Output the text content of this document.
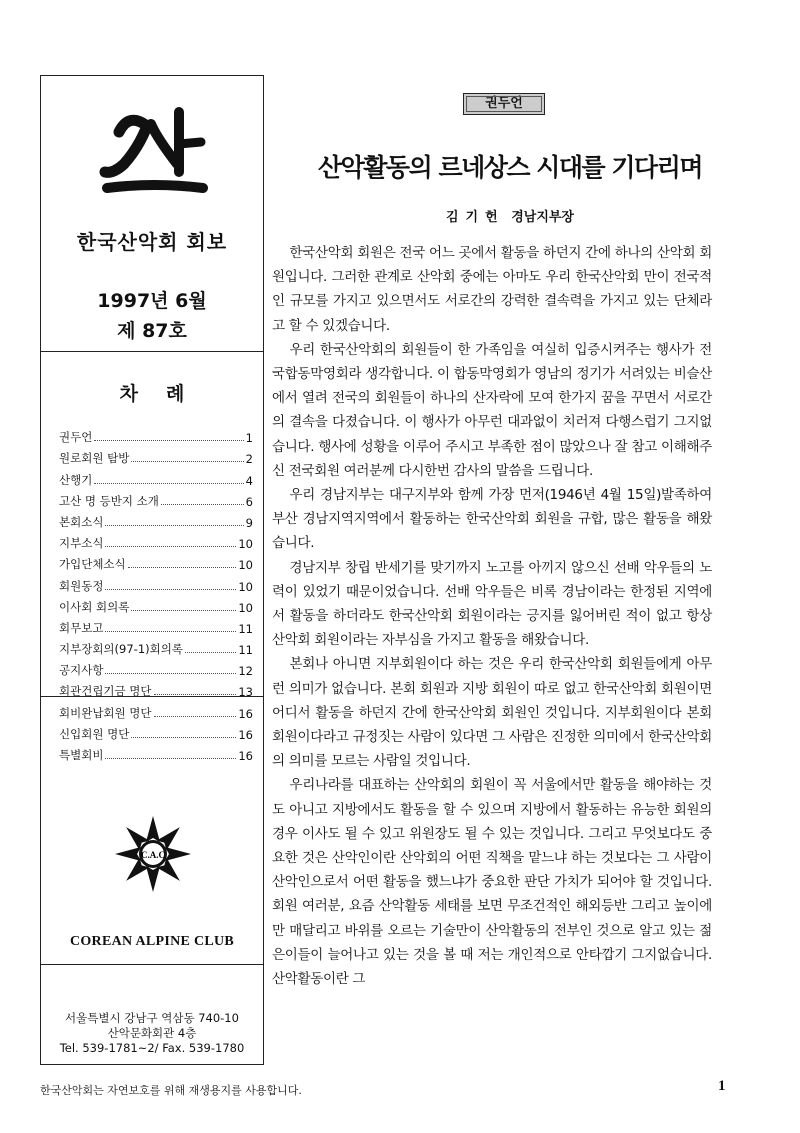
한국산악회 회보
1997년 6월
제 87호
차례
권두언	1
원로회원 탐방	2
산행기	4
고산 명 등반지 소개	6
본회소식	9
지부소식	10
가입단체소식	10
회원동정	10
이사회 회의록	10
회무보고	11
지부장회의(97-1)회의록	11
공지사항	12
회관건립기금 명단	13
회비완납회원 명단	16
신입회원 명단	16
특별회비	16
C.A.C
COREAN ALPINE CLUB
서울특별시 강남구 역삼동 740-10
산악문화회관 4층
Tel. 539-1781~2/ Fax. 539-1780
권두언
산악활동의 르네상스 시대를 기다리며
김기헌 경남지부장

한국산악회 회원은 전국 어느 곳에서 활동을 하던지 간에 하나의 산악회 회원입니다. 그러한 관계로 산악회 중에는 아마도 우리 한국산악회 만이 전국적인 규모를 가지고 있으면서도 서로간의 강력한 결속력을 가지고 있는 단체라고 할 수 있겠습니다.

우리 한국산악회의 회원들이 한 가족임을 여실히 입증시켜주는 행사가 전국합동막영회라 생각합니다. 이 합동막영회가 영남의 정기가 서려있는 비슬산에서 열려 전국의 회원들이 하나의 산자락에 모여 한가지 꿈을 꾸면서 서로간의 결속을 다졌습니다. 이 행사가 아무런 대과없이 치러져 다행스럽기 그지없습니다. 행사에 성황을 이루어 주시고 부족한 점이 많았으나 잘 참고 이해해주신 전국회원 여러분께 다시한번 감사의 말씀을 드립니다.

우리 경남지부는 대구지부와 함께 가장 먼저(1946년 4월 15일)발족하여 부산 경남지역지역에서 활동하는 한국산악회 회원을 규합, 많은 활동을 해왔습니다.

경남지부 창립 반세기를 맞기까지 노고를 아끼지 않으신 선배 악우들의 노력이 있었기 때문이었습니다. 선배 악우들은 비록 경남이라는 한정된 지역에서 활동을 하더라도 한국산악회 회원이라는 긍지를 잃어버린 적이 없고 항상 산악회 회원이라는 자부심을 가지고 활동을 해왔습니다.

본회나 아니면 지부회원이다 하는 것은 우리 한국산악회 회원들에게 아무런 의미가 없습니다. 본회 회원과 지방 회원이 따로 없고 한국산악회 회원이면 어디서 활동을 하던지 간에 한국산악회 회원인 것입니다. 지부회원이다 본회회원이다라고 규정짓는 사람이 있다면 그 사람은 진정한 의미에서 한국산악회의 의미를 모르는 사람일 것입니다.

우리나라를 대표하는 산악회의 회원이 꼭 서울에서만 활동을 해야하는 것도 아니고 지방에서도 활동을 할 수 있으며 지방에서 활동하는 유능한 회원의 경우 이사도 될 수 있고 위원장도 될 수 있는 것입니다. 그리고 무엇보다도 중요한 것은 산악인이란 산악회의 어떤 직책을 맡느냐 하는 것보다는 그 사람이 산악인으로서 어떤 활동을 했느냐가 중요한 판단 가치가 되어야 할 것입니다.회원 여러분, 요즘 산악활동 세태를 보면 무조건적인 해외등반 그리고 높이에만 매달리고 바위를 오르는 기술만이 산악활동의 전부인 것으로 알고 있는 젊은이들이 늘어나고 있는 것을 볼 때 저는 개인적으로 안타깝기 그지없습니다. 산악활동이란 그

한국산악회는 자연보호를 위해 재생용지를 사용합니다.	1
